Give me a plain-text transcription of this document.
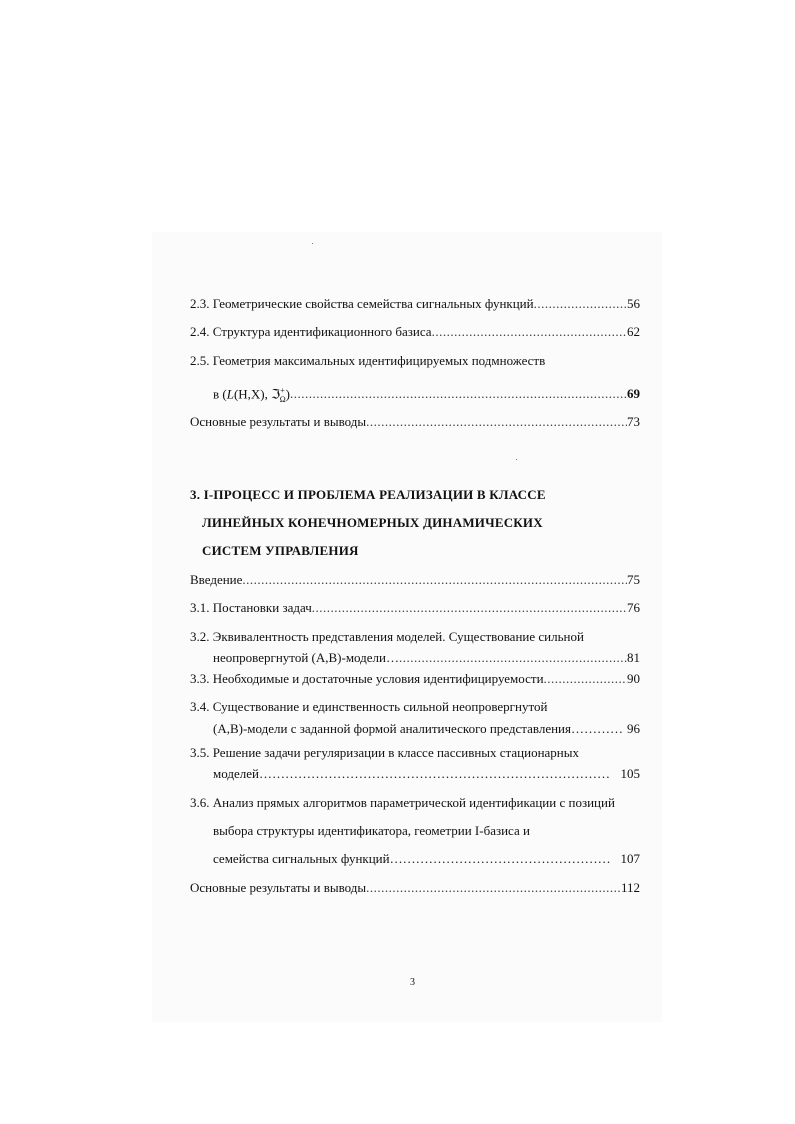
2.3. Геометрические свойства семейства сигнальных функций .....	56
2.4. Структура идентификационного базиса .....	62
2.5. Геометрия максимальных идентифицируемых подмножеств
в (L(H,X), ℑ+$_\Omega$) .....	69
Основные результаты и выводы .....	73
3. I-ПРОЦЕСС И ПРОБЛЕМА РЕАЛИЗАЦИИ В КЛАССЕ
ЛИНЕЙНЫХ КОНЕЧНОМЕРНЫХ ДИНАМИЧЕСКИХ
СИСТЕМ УПРАВЛЕНИЯ
Введение .....	75
3.1. Постановки задач .....	76
3.2. Эквивалентность представления моделей. Существование сильной
неопровергнутой (A,B)-модели… .....	81
3.3. Необходимые и достаточные условия идентифицируемости .....	90
3.4. Существование и единственность сильной неопровергнутой
(A,B)-модели с заданной формой аналитического представления………… 96
3.5. Решение задачи регуляризации в классе пассивных стационарных
моделей……………………………………………………………………… 105
3.6. Анализ прямых алгоритмов параметрической идентификации с позиций
выбора структуры идентификатора, геометрии I-базиса и
семейства сигнальных функций…………………………………………… 107
Основные результаты и выводы .....	112
3
